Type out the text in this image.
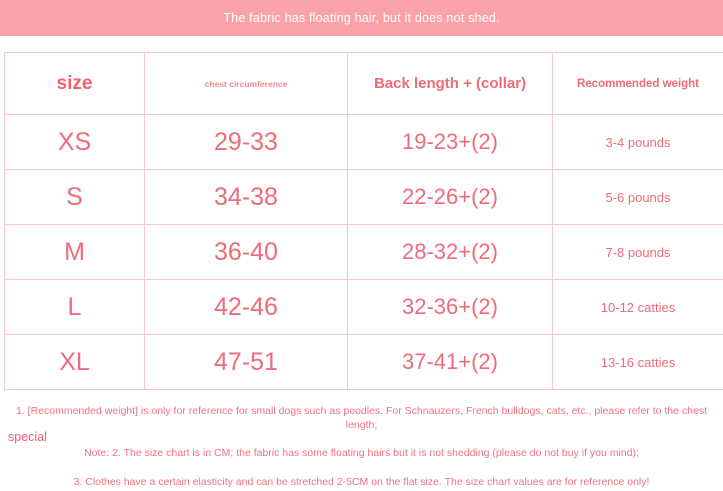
The fabric has floating hair, but it does not shed.
size	chest circumference	Back length + (collar)	Recommended weight
XS	29-33	19-23+(2)	3-4 pounds
S	34-38	22-26+(2)	5-6 pounds
M	36-40	28-32+(2)	7-8 pounds
L	42-46	32-36+(2)	10-12 catties
XL	47-51	37-41+(2)	13-16 catties
special

1. [Recommended weight] is only for reference for small dogs such as poodles. For Schnauzers, French bulldogs, cats, etc., please refer to the chest length;

Note: 2. The size chart is in CM; the fabric has some floating hairs but it is not shedding (please do not buy if you mind);

3. Clothes have a certain elasticity and can be stretched 2-5CM on the flat size. The size chart values are for reference only!
